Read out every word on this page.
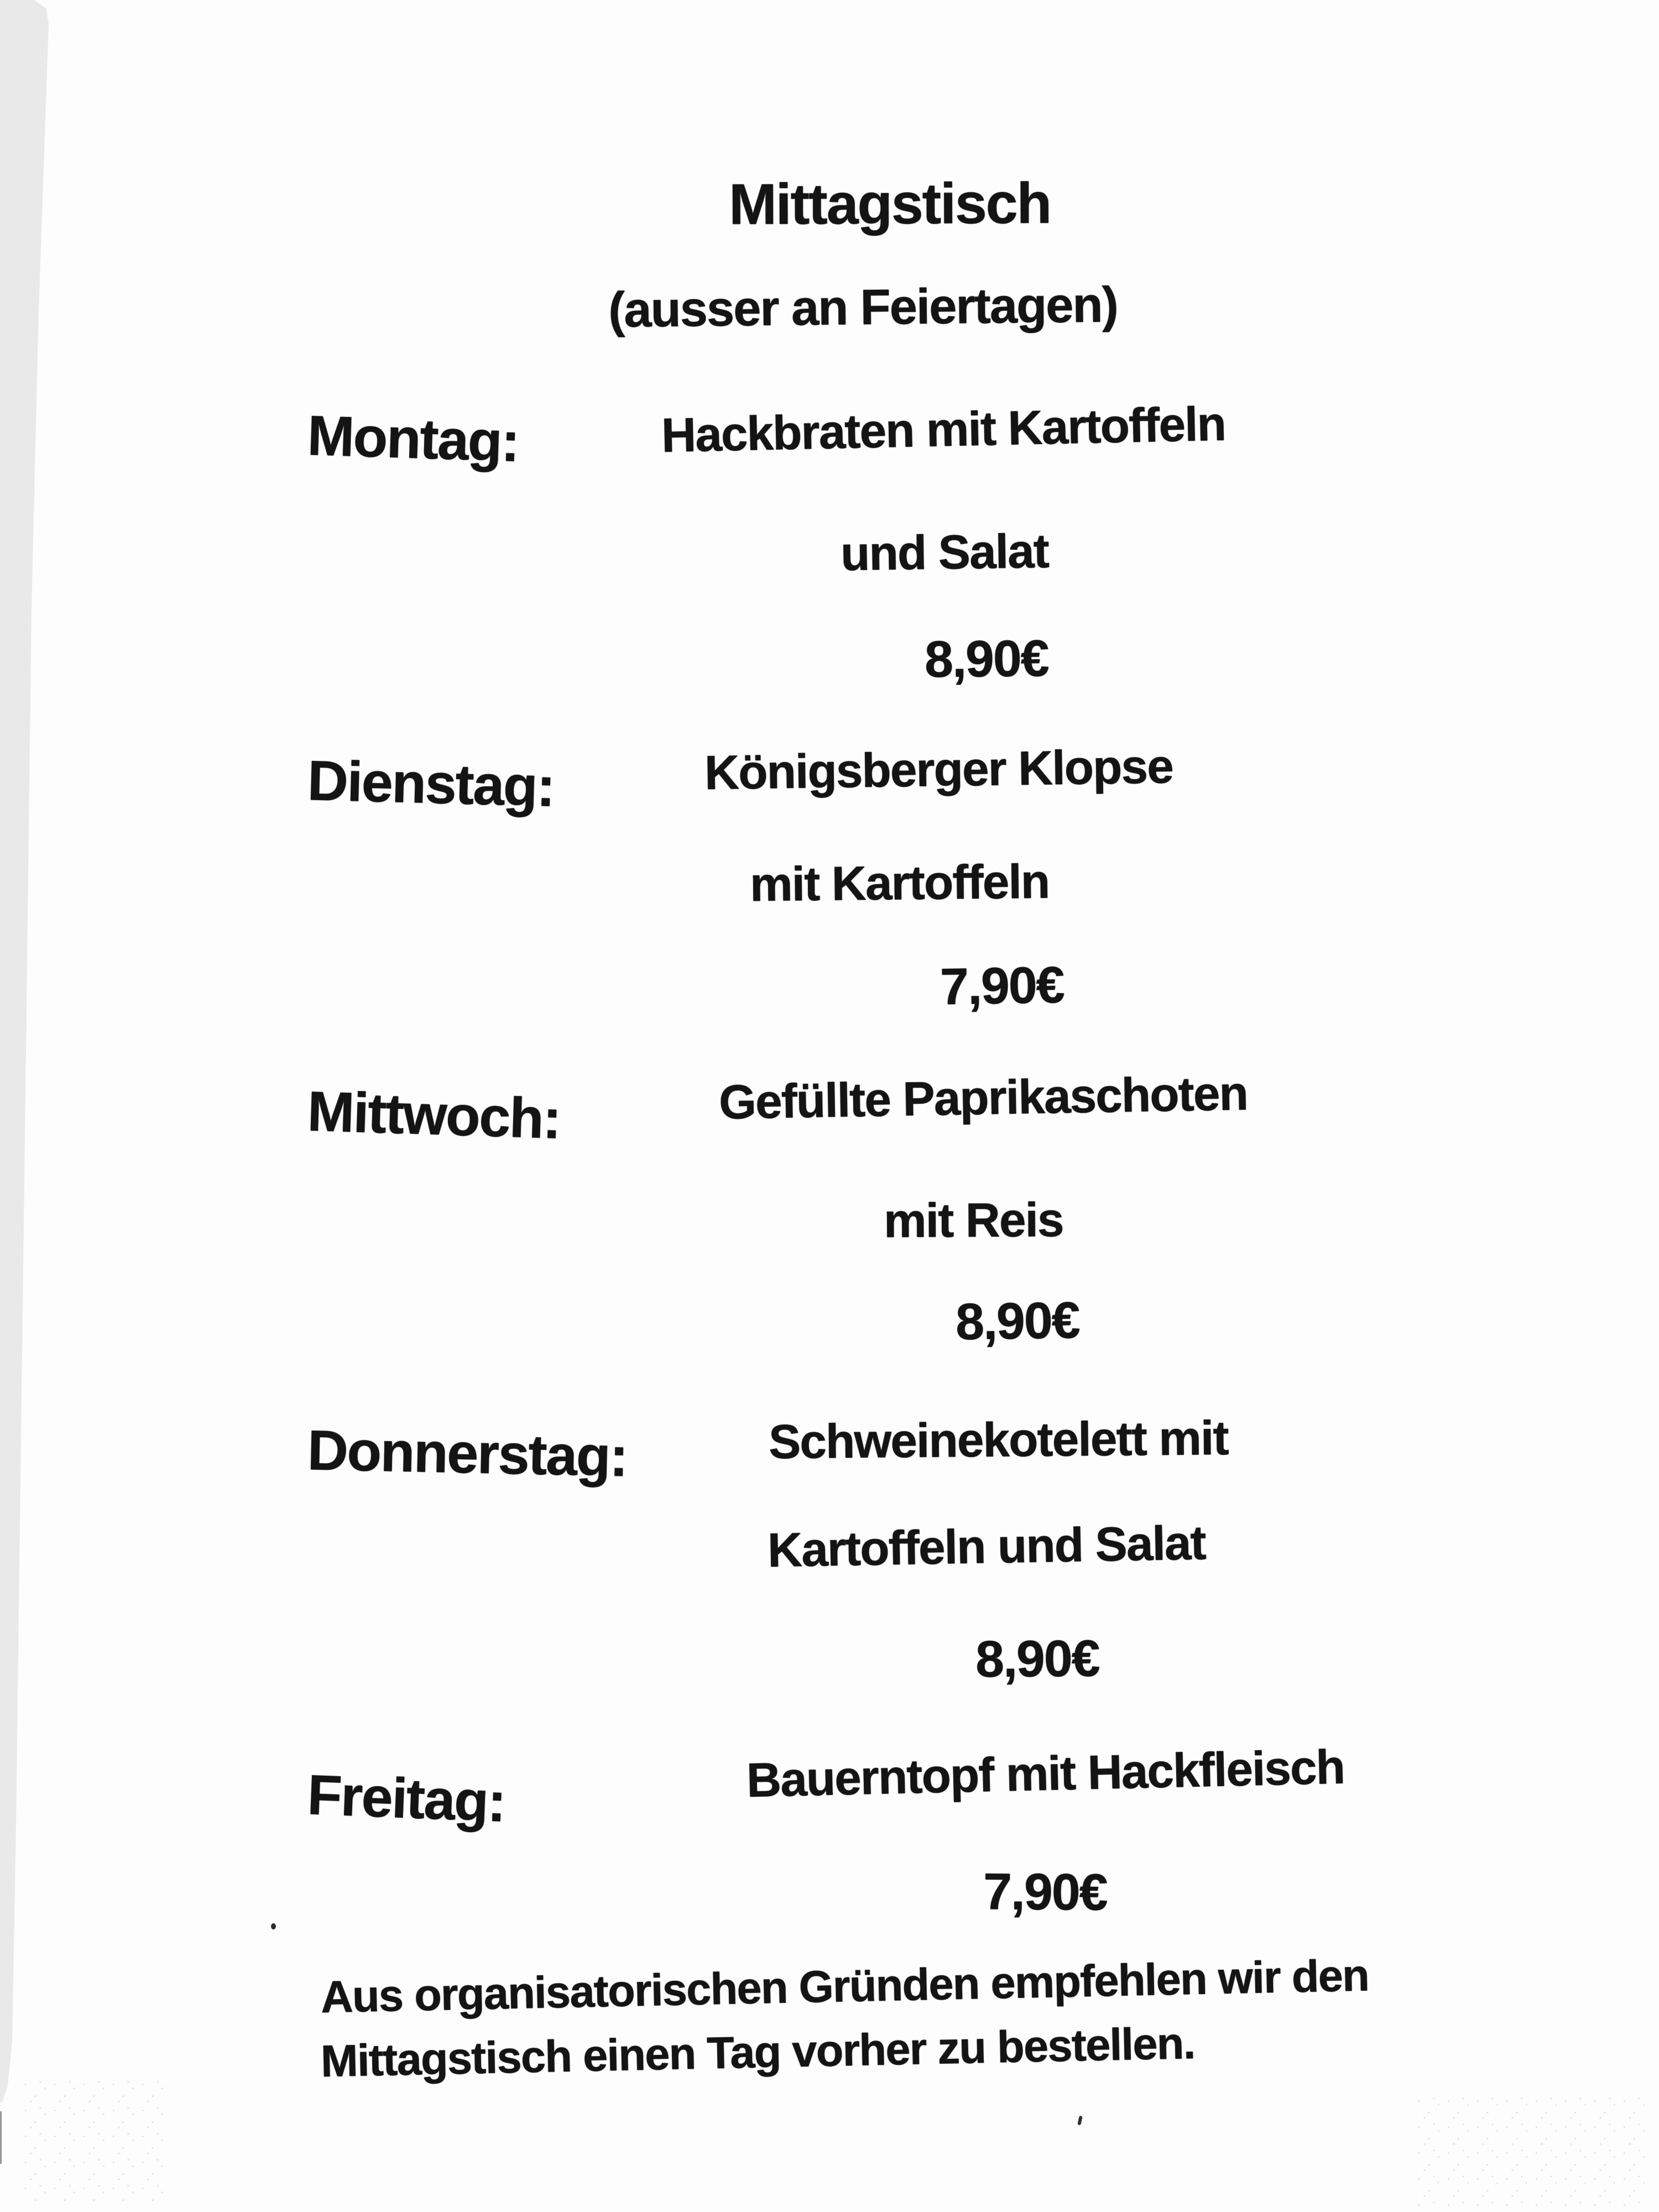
Mittagstisch
(ausser an Feiertagen)
Montag:	Hackbraten mit Kartoffeln
und Salat
8,90€
Dienstag:	Königsberger Klopse
mit Kartoffeln
7,90€
Mittwoch:	Gefüllte Paprikaschoten
mit Reis
8,90€
Donnerstag:	Schweinekotelett mit
Kartoffeln und Salat
8,90€
Freitag:	Bauerntopf mit Hackfleisch
7,90€
Aus organisatorischen Gründen empfehlen wir den
Mittagstisch einen Tag vorher zu bestellen.
